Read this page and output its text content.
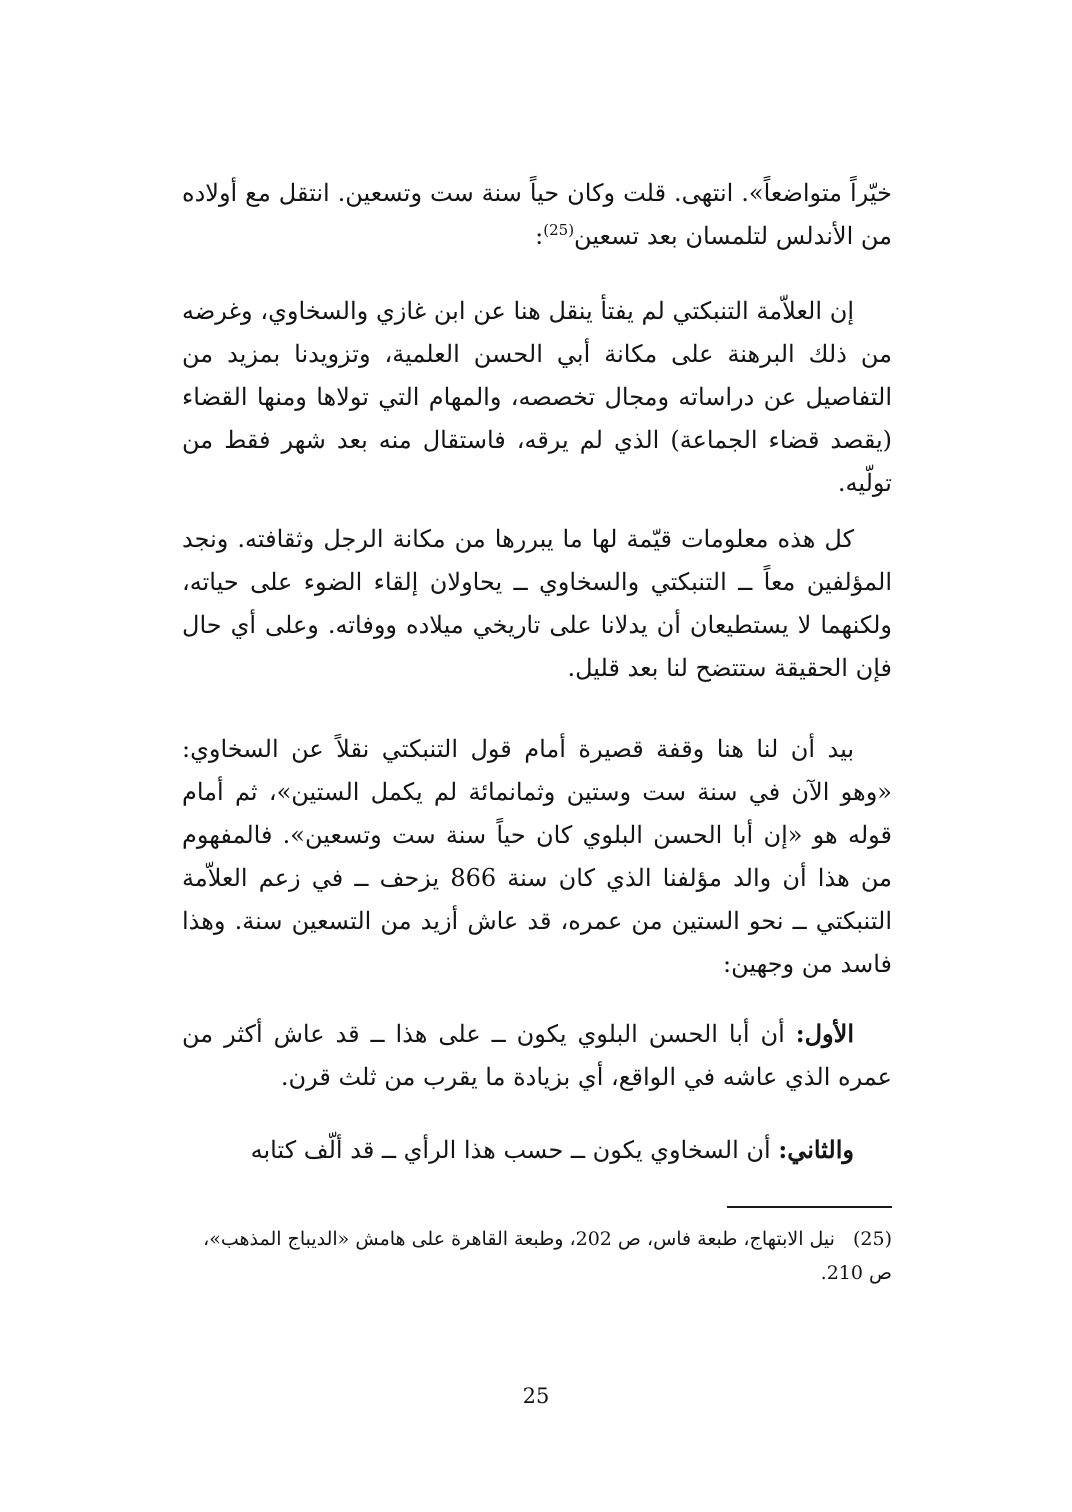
خيّراً متواضعاً». انتهى. قلت وكان حياً سنة ست وتسعين. انتقل مع أولاده من الأندلس لتلمسان بعد تسعين$^{(25)}$:

إن العلاّمة التنبكتي لم يفتأ ينقل هنا عن ابن غازي والسخاوي، وغرضه من ذلك البرهنة على مكانة أبي الحسن العلمية، وتزويدنا بمزيد من التفاصيل عن دراساته ومجال تخصصه، والمهام التي تولاها ومنها القضاء (يقصد قضاء الجماعة) الذي لم يرقه، فاستقال منه بعد شهر فقط من تولّيه.

كل هذه معلومات قيّمة لها ما يبررها من مكانة الرجل وثقافته. ونجد المؤلفين معاً ــ التنبكتي والسخاوي ــ يحاولان إلقاء الضوء على حياته، ولكنهما لا يستطيعان أن يدلانا على تاريخي ميلاده ووفاته. وعلى أي حال فإن الحقيقة ستتضح لنا بعد قليل.

بيد أن لنا هنا وقفة قصيرة أمام قول التنبكتي نقلاً عن السخاوي: «وهو الآن في سنة ست وستين وثمانمائة لم يكمل الستين»، ثم أمام قوله هو «إن أبا الحسن البلوي كان حياً سنة ست وتسعين». فالمفهوم من هذا أن والد مؤلفنا الذي كان سنة 866 يزحف ــ في زعم العلاّمة التنبكتي ــ نحو الستين من عمره، قد عاش أزيد من التسعين سنة. وهذا فاسد من وجهين:

الأول: أن أبا الحسن البلوي يكون ــ على هذا ــ قد عاش أكثر من عمره الذي عاشه في الواقع، أي بزيادة ما يقرب من ثلث قرن.

والثاني: أن السخاوي يكون ــ حسب هذا الرأي ــ قد ألّف كتابه

(25)نيل الابتهاج، طبعة فاس، ص 202، وطبعة القاهرة على هامش «الديباج المذهب»، ص 210.

25
